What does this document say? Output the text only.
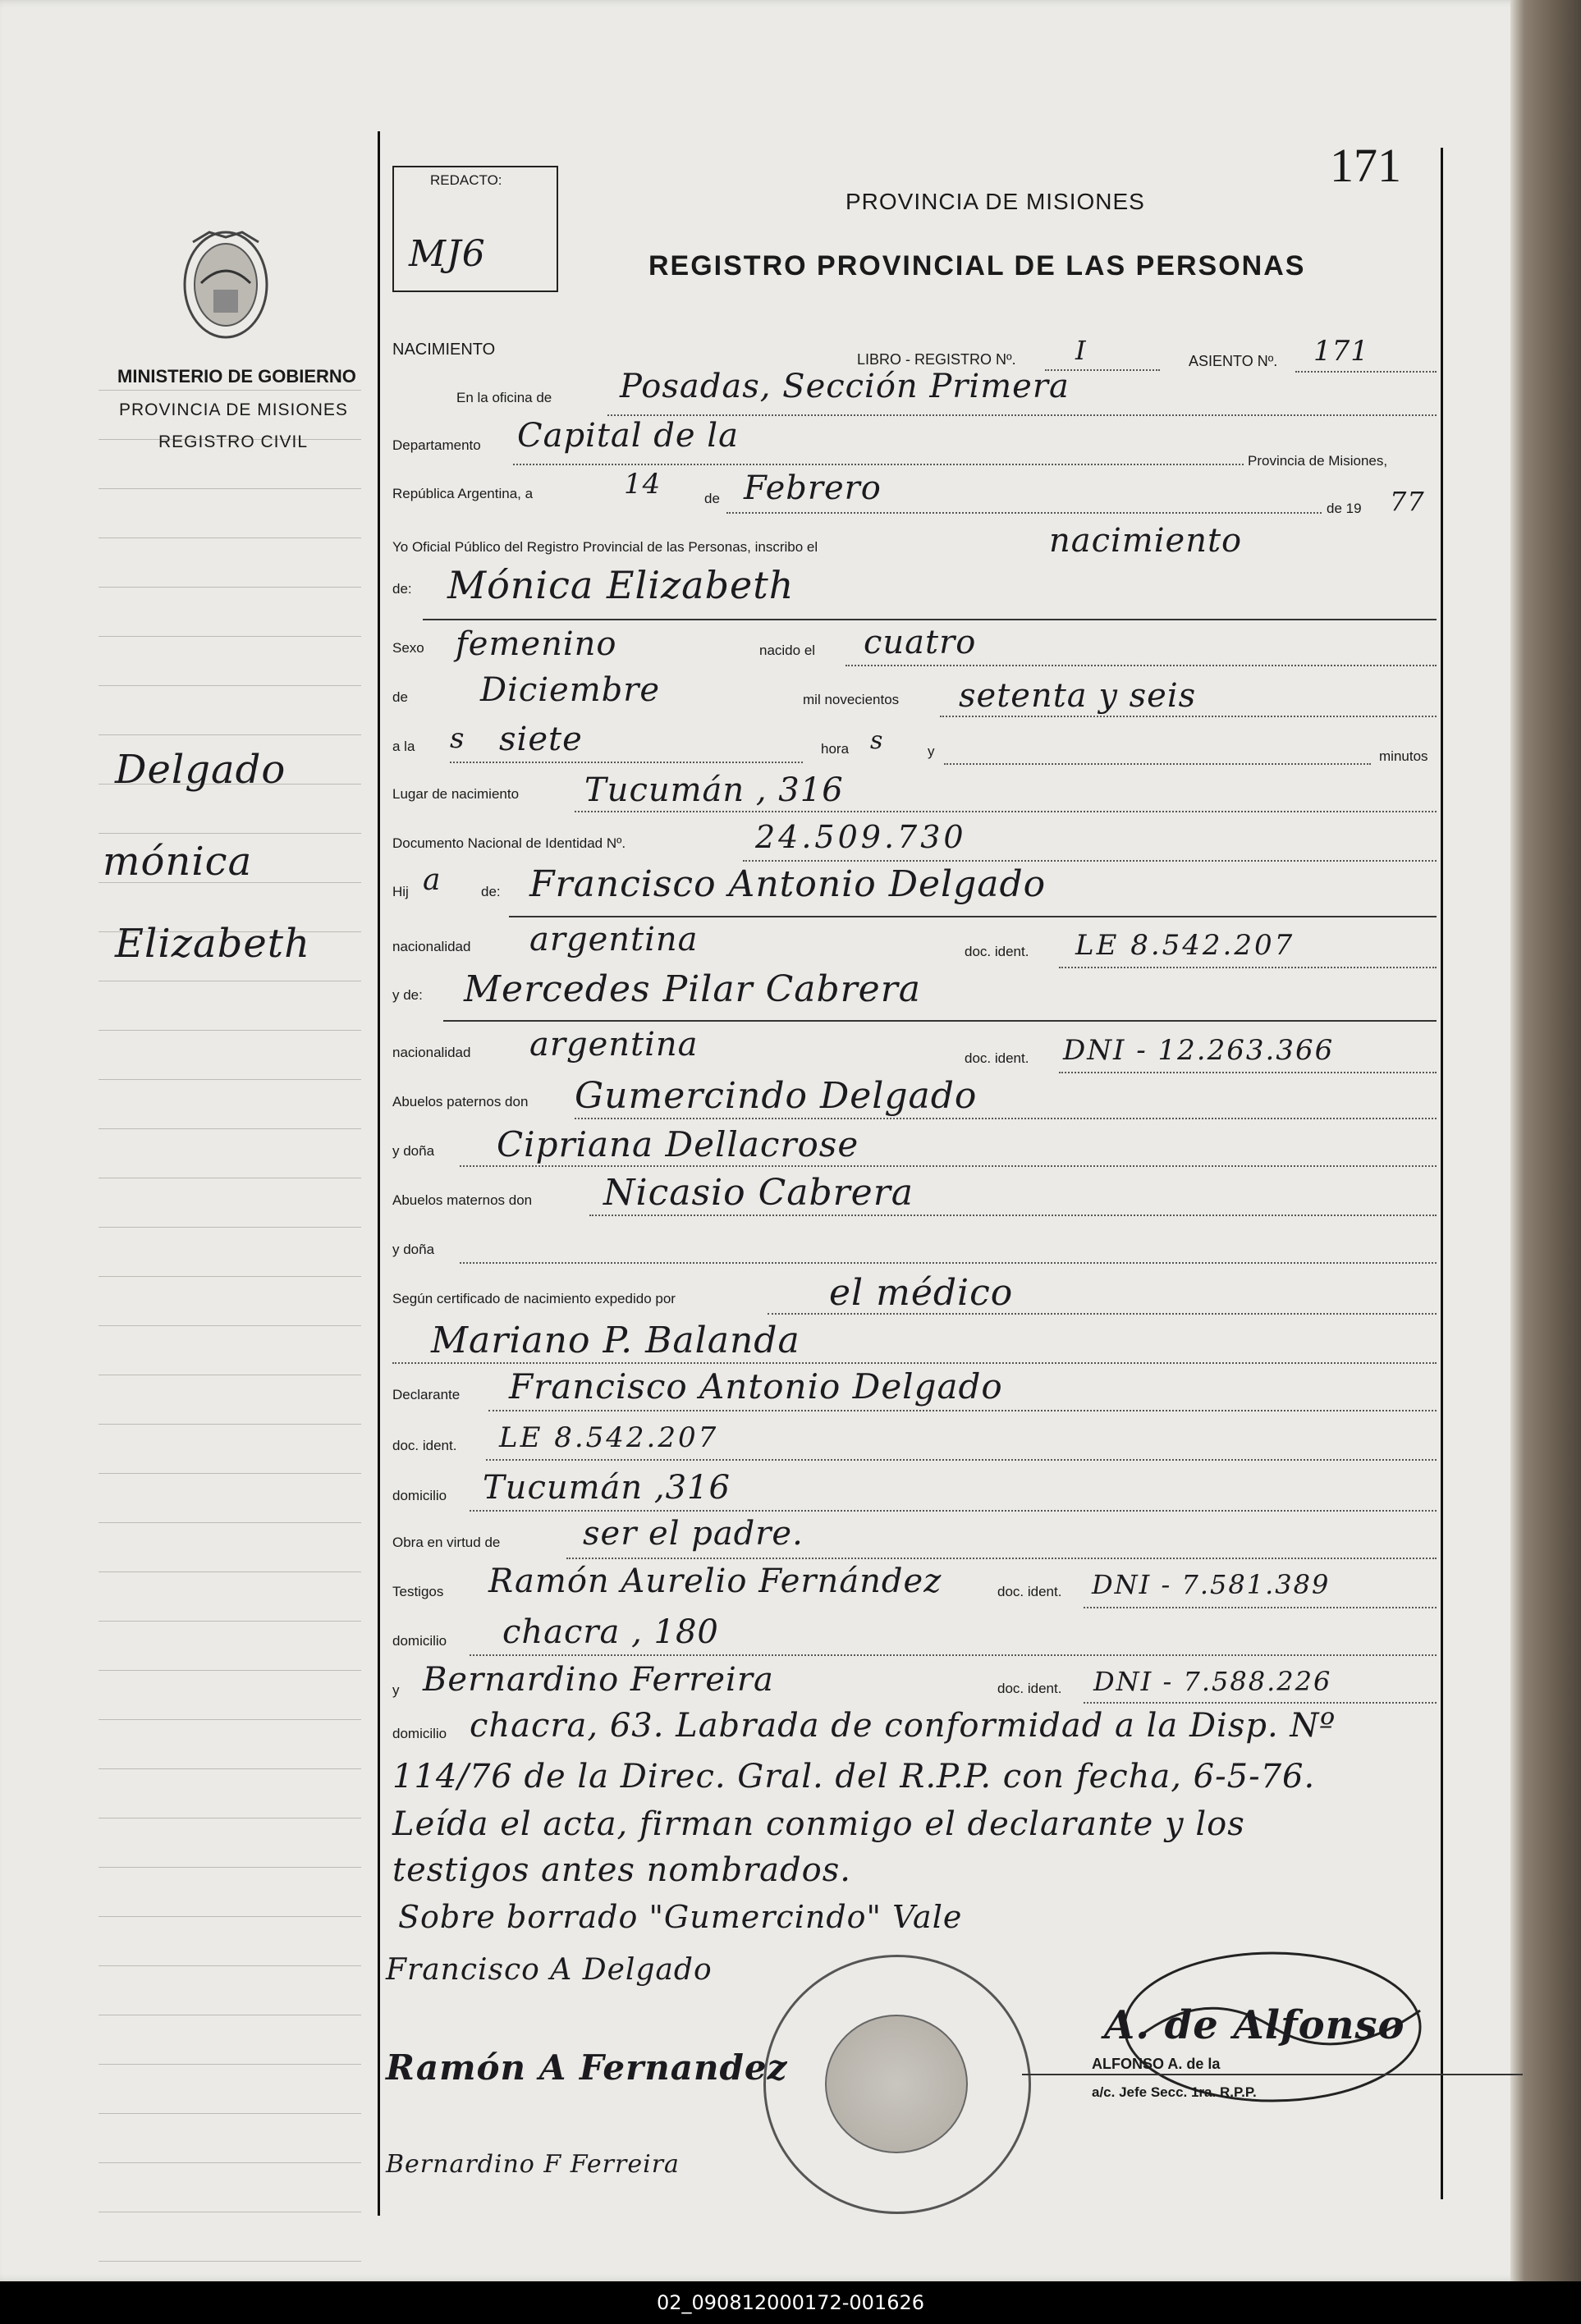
171
REDACTO:
MJ6
MINISTERIO DE GOBIERNO
PROVINCIA DE MISIONES
REGISTRO CIVIL
PROVINCIA DE MISIONES
REGISTRO PROVINCIAL DE LAS PERSONAS
NACIMIENTO
LIBRO - REGISTRO Nº. I	ASIENTO Nº. 171
En la oficina de Posadas, Sección Primera
Departamento Capital de la
Provincia de Misiones,
República Argentina, a	14	de Febrero
de 19 77
Yo Oficial Público del Registro Provincial de las Personas, inscribo el	nacimiento
de: Mónica Elizabeth
Sexo femenino	nacido el cuatro
de Diciembre	mil novecientos setenta y seis
a la s siete	hora s	y	minutos
Lugar de nacimiento Tucumán , 316
Documento Nacional de Identidad Nº.	24.509.730
Hij a	de: Francisco Antonio Delgado
nacionalidad argentina	doc. ident. LE 8.542.207
y de: Mercedes Pilar Cabrera
nacionalidad argentina	doc. ident. DNI - 12.263.366
Abuelos paternos don Gumercindo Delgado
y doña Cipriana Dellacrose
Abuelos maternos don Nicasio Cabrera
y doña
Según certificado de nacimiento expedido por	el médico
Mariano P. Balanda
Declarante Francisco Antonio Delgado
doc. ident. LE 8.542.207
domicilio Tucumán ,316
Obra en virtud de	ser el padre.
Testigos Ramón Aurelio Fernández	doc. ident. DNI - 7.581.389
domicilio chacra , 180
y Bernardino Ferreira	doc. ident. DNI - 7.588.226
domicilio chacra, 63. Labrada de conformidad a la Disp. Nº
114/76 de la Direc. Gral. del R.P.P. con fecha, 6-5-76.
Leída el acta, firman conmigo el declarante y los
testigos antes nombrados.
Sobre borrado "Gumercindo" Vale
Delgado
mónica
Elizabeth
Francisco A Delgado
Ramón A Fernandez
Bernardino F Ferreira
A. de Alfonso
ALFONSO A. de la
a/c. Jefe Secc. 1ra. R.P.P.
02_090812000172-001626
